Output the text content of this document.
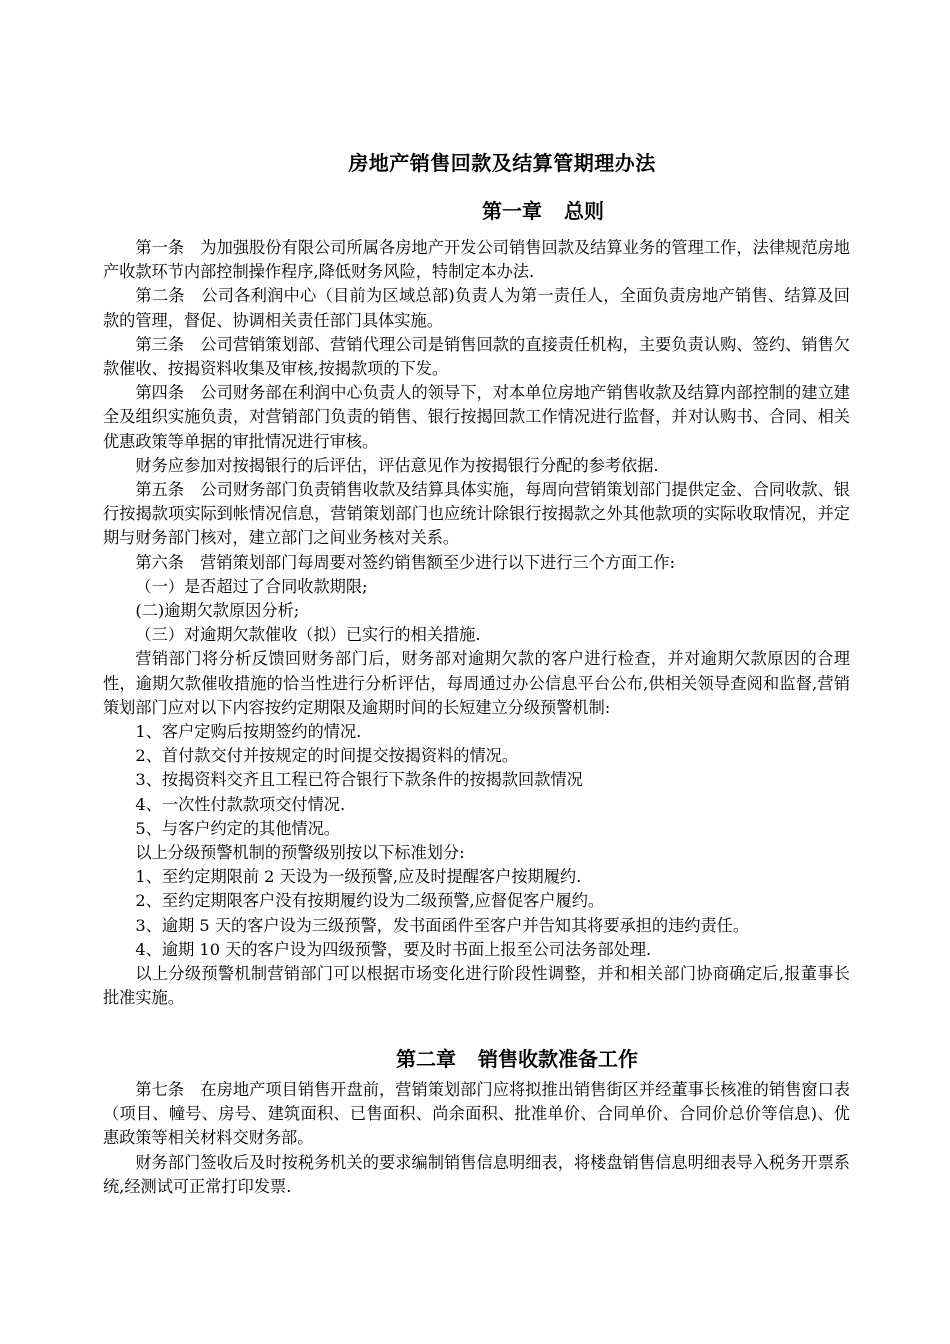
房地产销售回款及结算管期理办法
第一章 总则

第一条　为加强股份有限公司所属各房地产开发公司销售回款及结算业务的管理工作，法律规范房地产收款环节内部控制操作程序,降低财务风险，特制定本办法.

第二条　公司各利润中心（目前为区域总部)负责人为第一责任人，全面负责房地产销售、结算及回款的管理，督促、协调相关责任部门具体实施。

第三条　公司营销策划部、营销代理公司是销售回款的直接责任机构，主要负责认购、签约、销售欠款催收、按揭资料收集及审核,按揭款项的下发。

第四条　公司财务部在利润中心负责人的领导下，对本单位房地产销售收款及结算内部控制的建立建全及组织实施负责，对营销部门负责的销售、银行按揭回款工作情况进行监督，并对认购书、合同、相关优惠政策等单据的审批情况进行审核。

财务应参加对按揭银行的后评估，评估意见作为按揭银行分配的参考依据.

第五条　公司财务部门负责销售收款及结算具体实施，每周向营销策划部门提供定金、合同收款、银行按揭款项实际到帐情况信息，营销策划部门也应统计除银行按揭款之外其他款项的实际收取情况，并定期与财务部门核对，建立部门之间业务核对关系。

第六条　营销策划部门每周要对签约销售额至少进行以下进行三个方面工作:

（一）是否超过了合同收款期限;

(二)逾期欠款原因分析;

（三）对逾期欠款催收（拟）已实行的相关措施.

营销部门将分析反馈回财务部门后，财务部对逾期欠款的客户进行检查，并对逾期欠款原因的合理性，逾期欠款催收措施的恰当性进行分析评估，每周通过办公信息平台公布,供相关领导查阅和监督,营销策划部门应对以下内容按约定期限及逾期时间的长短建立分级预警机制:

1、客户定购后按期签约的情况.

2、首付款交付并按规定的时间提交按揭资料的情况。

3、按揭资料交齐且工程已符合银行下款条件的按揭款回款情况

4、一次性付款款项交付情况.

5、与客户约定的其他情况。

以上分级预警机制的预警级别按以下标准划分:

1、至约定期限前 2 天设为一级预警,应及时提醒客户按期履约.

2、至约定期限客户没有按期履约设为二级预警,应督促客户履约。

3、逾期 5 天的客户设为三级预警，发书面函件至客户并告知其将要承担的违约责任。

4、逾期 10 天的客户设为四级预警，要及时书面上报至公司法务部处理.

以上分级预警机制营销部门可以根据市场变化进行阶段性调整，并和相关部门协商确定后,报董事长批准实施。

第二章 销售收款准备工作

第七条　在房地产项目销售开盘前，营销策划部门应将拟推出销售街区并经董事长核准的销售窗口表（项目、幢号、房号、建筑面积、已售面积、尚余面积、批准单价、合同单价、合同价总价等信息)、优惠政策等相关材料交财务部。

财务部门签收后及时按税务机关的要求编制销售信息明细表，将楼盘销售信息明细表导入税务开票系统,经测试可正常打印发票.
